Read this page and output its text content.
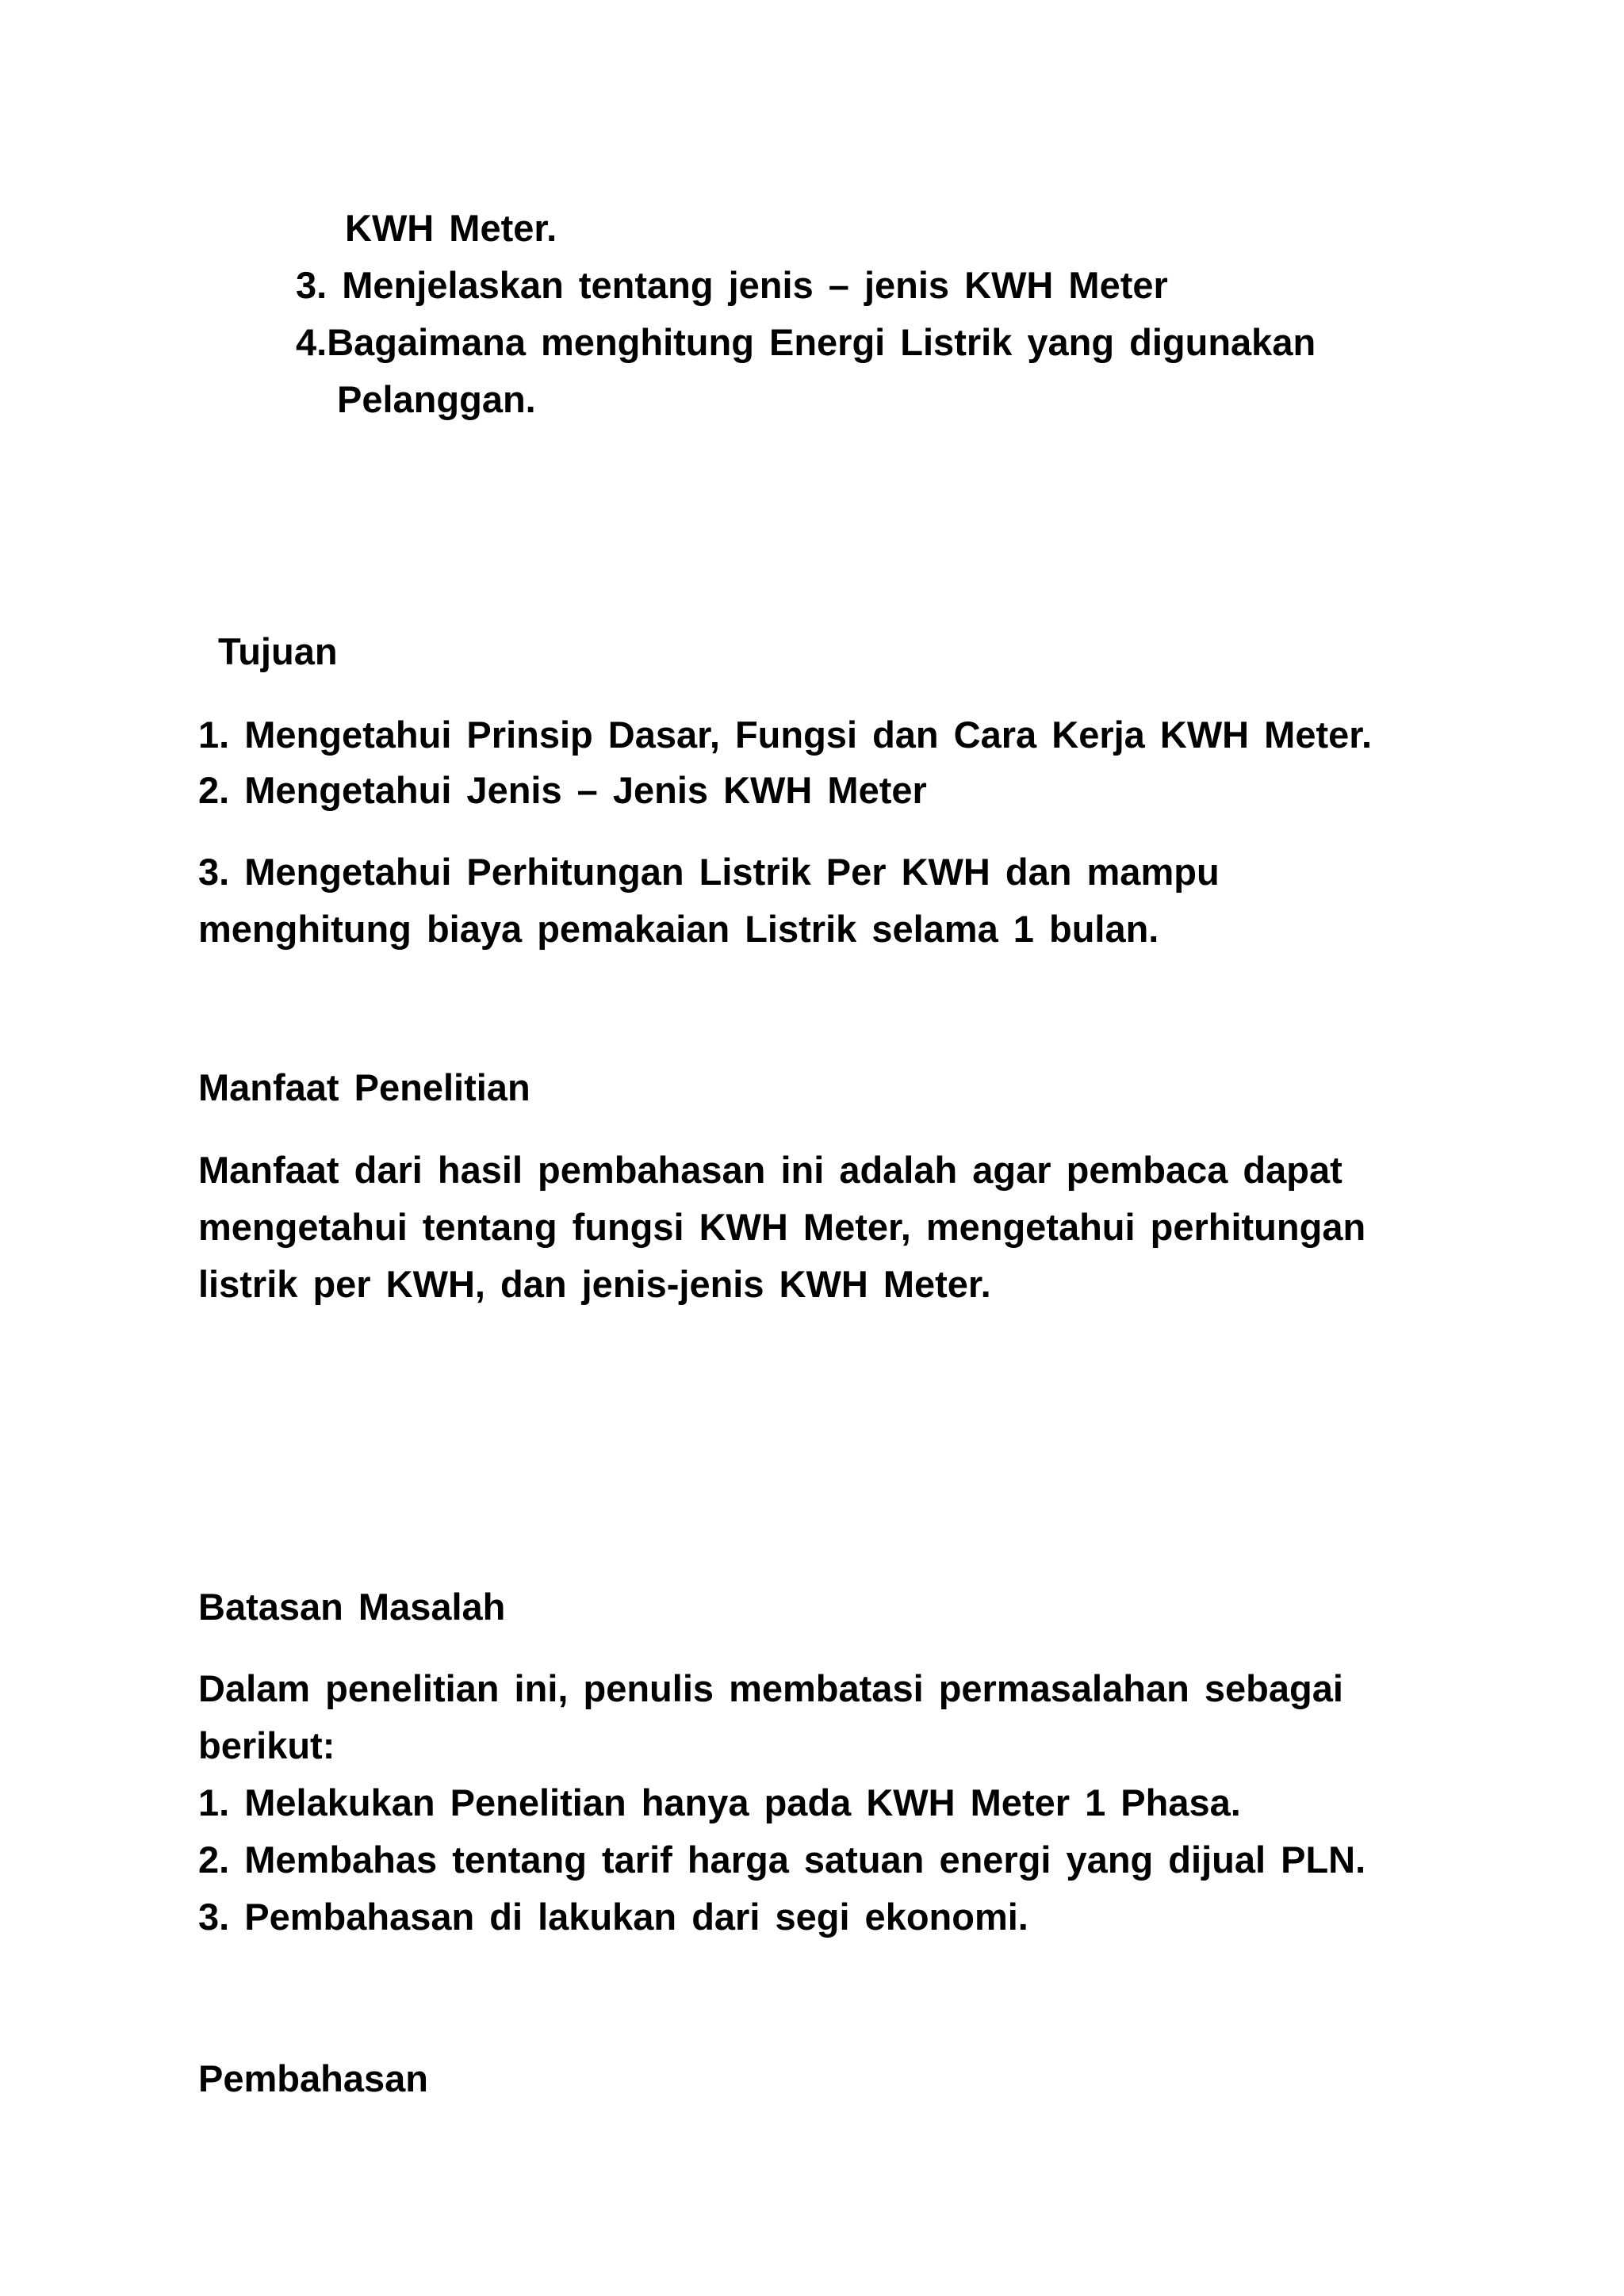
KWH Meter.

3. Menjelaskan tentang jenis – jenis KWH Meter

4.Bagaimana menghitung Energi Listrik yang digunakan

Pelanggan.

Tujuan

1. Mengetahui Prinsip Dasar, Fungsi dan Cara Kerja KWH Meter.

2. Mengetahui Jenis – Jenis KWH Meter

3. Mengetahui Perhitungan Listrik Per KWH dan mampu

menghitung biaya pemakaian Listrik selama 1 bulan.

Manfaat Penelitian

Manfaat dari hasil pembahasan ini adalah agar pembaca dapat

mengetahui tentang fungsi KWH Meter, mengetahui perhitungan

listrik per KWH, dan jenis-jenis KWH Meter.

Batasan Masalah

Dalam penelitian ini, penulis membatasi permasalahan sebagai

berikut:

1. Melakukan Penelitian hanya pada KWH Meter 1 Phasa.

2. Membahas tentang tarif harga satuan energi yang dijual PLN.

3. Pembahasan di lakukan dari segi ekonomi.

Pembahasan
